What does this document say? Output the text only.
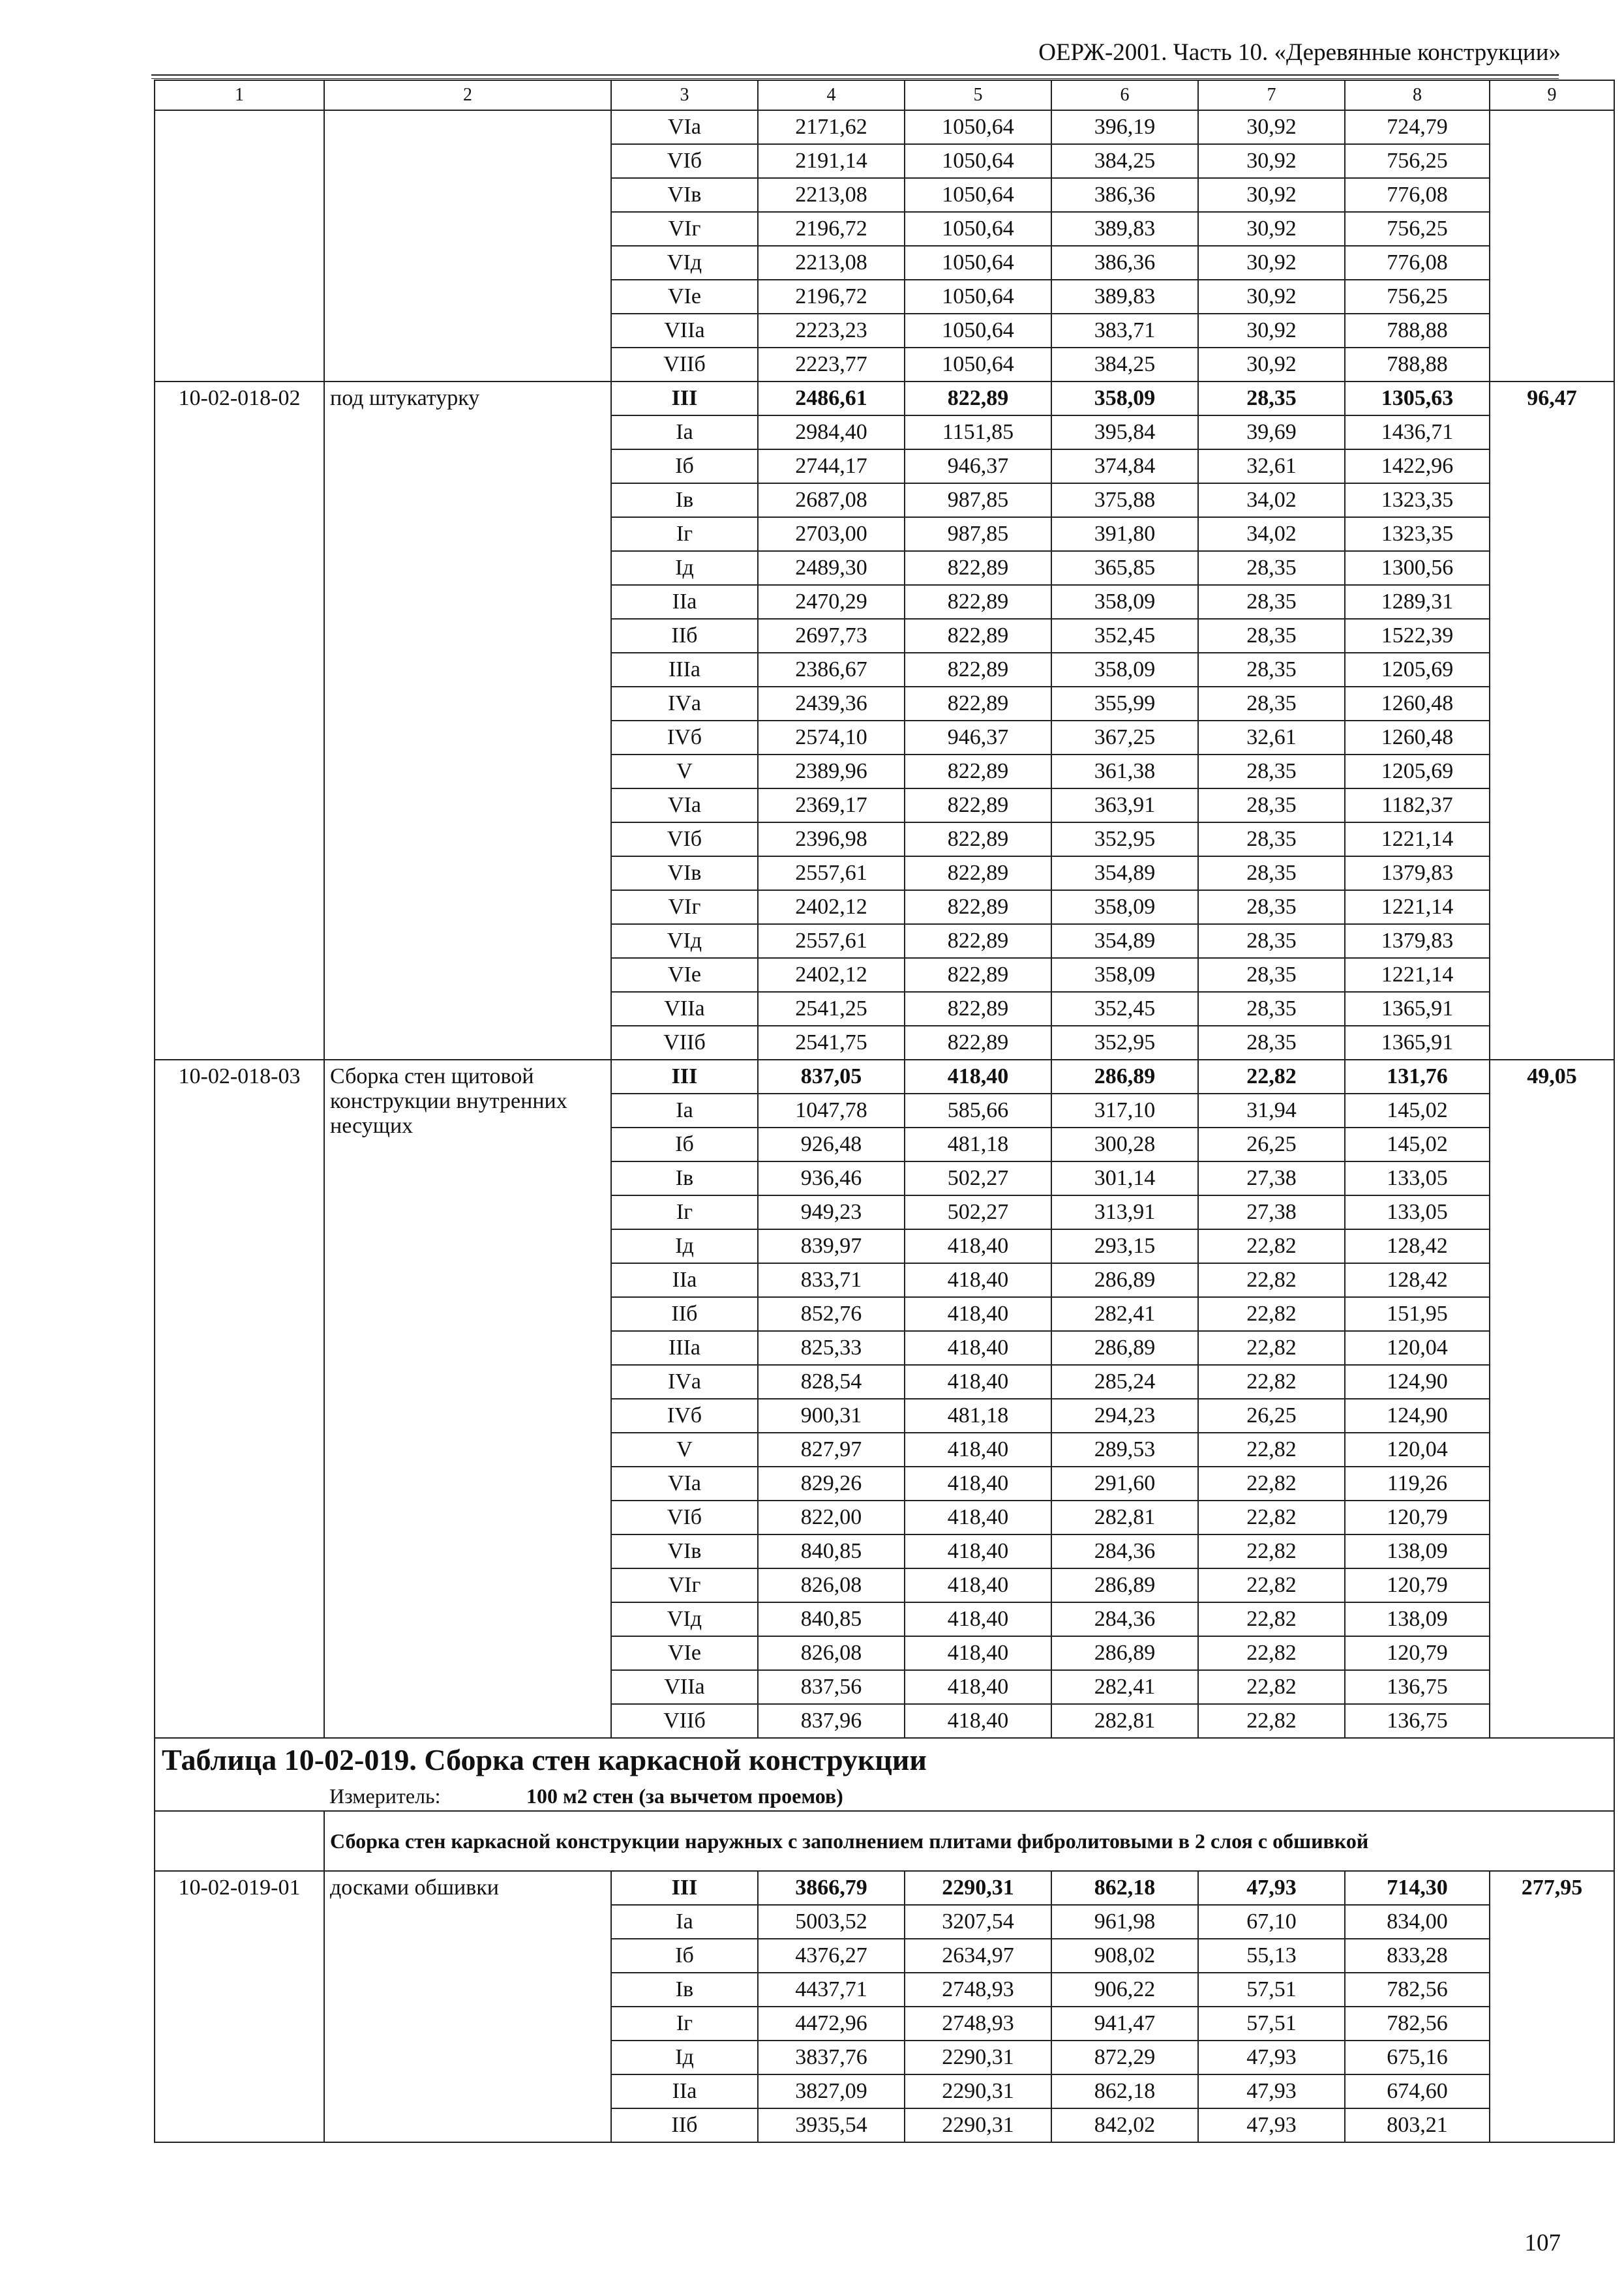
ОЕРЖ-2001. Часть 10. «Деревянные конструкции»
1	2	3	4	5	6	7	8	9
		VIа	2171,62	1050,64	396,19	30,92	724,79	
		VIб	2191,14	1050,64	384,25	30,92	756,25	
		VIв	2213,08	1050,64	386,36	30,92	776,08	
		VIг	2196,72	1050,64	389,83	30,92	756,25	
		VIд	2213,08	1050,64	386,36	30,92	776,08	
		VIе	2196,72	1050,64	389,83	30,92	756,25	
		VIIа	2223,23	1050,64	383,71	30,92	788,88	
		VIIб	2223,77	1050,64	384,25	30,92	788,88	
10-02-018-02	под штукатурку	III	2486,61	822,89	358,09	28,35	1305,63	96,47
		Iа	2984,40	1151,85	395,84	39,69	1436,71	
		Iб	2744,17	946,37	374,84	32,61	1422,96	
		Iв	2687,08	987,85	375,88	34,02	1323,35	
		Iг	2703,00	987,85	391,80	34,02	1323,35	
		Iд	2489,30	822,89	365,85	28,35	1300,56	
		IIа	2470,29	822,89	358,09	28,35	1289,31	
		IIб	2697,73	822,89	352,45	28,35	1522,39	
		IIIа	2386,67	822,89	358,09	28,35	1205,69	
		IVа	2439,36	822,89	355,99	28,35	1260,48	
		IVб	2574,10	946,37	367,25	32,61	1260,48	
		V	2389,96	822,89	361,38	28,35	1205,69	
		VIа	2369,17	822,89	363,91	28,35	1182,37	
		VIб	2396,98	822,89	352,95	28,35	1221,14	
		VIв	2557,61	822,89	354,89	28,35	1379,83	
		VIг	2402,12	822,89	358,09	28,35	1221,14	
		VIд	2557,61	822,89	354,89	28,35	1379,83	
		VIе	2402,12	822,89	358,09	28,35	1221,14	
		VIIа	2541,25	822,89	352,45	28,35	1365,91	
		VIIб	2541,75	822,89	352,95	28,35	1365,91	
10-02-018-03	Сборка стен щитовой конструкции внутренних несущих	III	837,05	418,40	286,89	22,82	131,76	49,05
		Iа	1047,78	585,66	317,10	31,94	145,02	
		Iб	926,48	481,18	300,28	26,25	145,02	
		Iв	936,46	502,27	301,14	27,38	133,05	
		Iг	949,23	502,27	313,91	27,38	133,05	
		Iд	839,97	418,40	293,15	22,82	128,42	
		IIа	833,71	418,40	286,89	22,82	128,42	
		IIб	852,76	418,40	282,41	22,82	151,95	
		IIIа	825,33	418,40	286,89	22,82	120,04	
		IVа	828,54	418,40	285,24	22,82	124,90	
		IVб	900,31	481,18	294,23	26,25	124,90	
		V	827,97	418,40	289,53	22,82	120,04	
		VIа	829,26	418,40	291,60	22,82	119,26	
		VIб	822,00	418,40	282,81	22,82	120,79	
		VIв	840,85	418,40	284,36	22,82	138,09	
		VIг	826,08	418,40	286,89	22,82	120,79	
		VIд	840,85	418,40	284,36	22,82	138,09	
		VIе	826,08	418,40	286,89	22,82	120,79	
		VIIа	837,56	418,40	282,41	22,82	136,75	
		VIIб	837,96	418,40	282,81	22,82	136,75	
Таблица 10-02-019. Сборка стен каркасной конструкции								
	Измеритель: 100 м2 стен (за вычетом проемов)							
	Сборка стен каркасной конструкции наружных с заполнением плитами фибролитовыми в 2 слоя с обшивкой							
10-02-019-01	досками обшивки	III	3866,79	2290,31	862,18	47,93	714,30	277,95
		Iа	5003,52	3207,54	961,98	67,10	834,00	
		Iб	4376,27	2634,97	908,02	55,13	833,28	
		Iв	4437,71	2748,93	906,22	57,51	782,56	
		Iг	4472,96	2748,93	941,47	57,51	782,56	
		Iд	3837,76	2290,31	872,29	47,93	675,16	
		IIа	3827,09	2290,31	862,18	47,93	674,60	
		IIб	3935,54	2290,31	842,02	47,93	803,21	
107
